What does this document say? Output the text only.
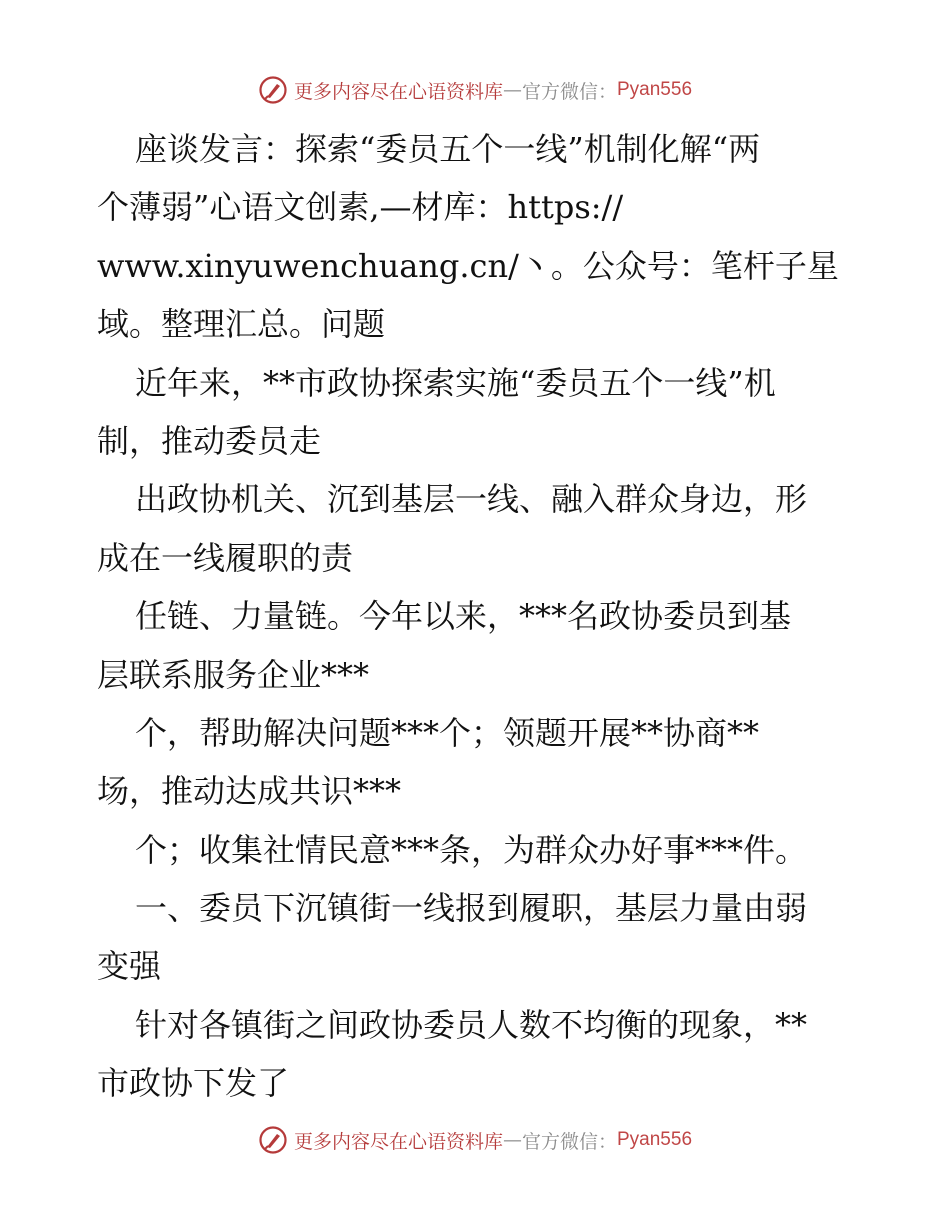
更多内容尽在心语资料库 — 官方微信： Pyan556
座谈发言：探索“委员五个一线”机制化解“两
个薄弱”心语文创素,—材库：https://
www.xinyuwenchuang.cn/丶。公众号：笔杆子星
域。整理汇总。问题
近年来，**市政协探索实施“委员五个一线”机
制，推动委员走
出政协机关、沉到基层一线、融入群众身边，形
成在一线履职的责
任链、力量链。今年以来，***名政协委员到基
层联系服务企业***
个，帮助解决问题***个；领题开展**协商**
场，推动达成共识***
个；收集社情民意***条，为群众办好事***件。
一、委员下沉镇街一线报到履职，基层力量由弱
变强
针对各镇街之间政协委员人数不均衡的现象，**
市政协下发了
更多内容尽在心语资料库 — 官方微信： Pyan556
